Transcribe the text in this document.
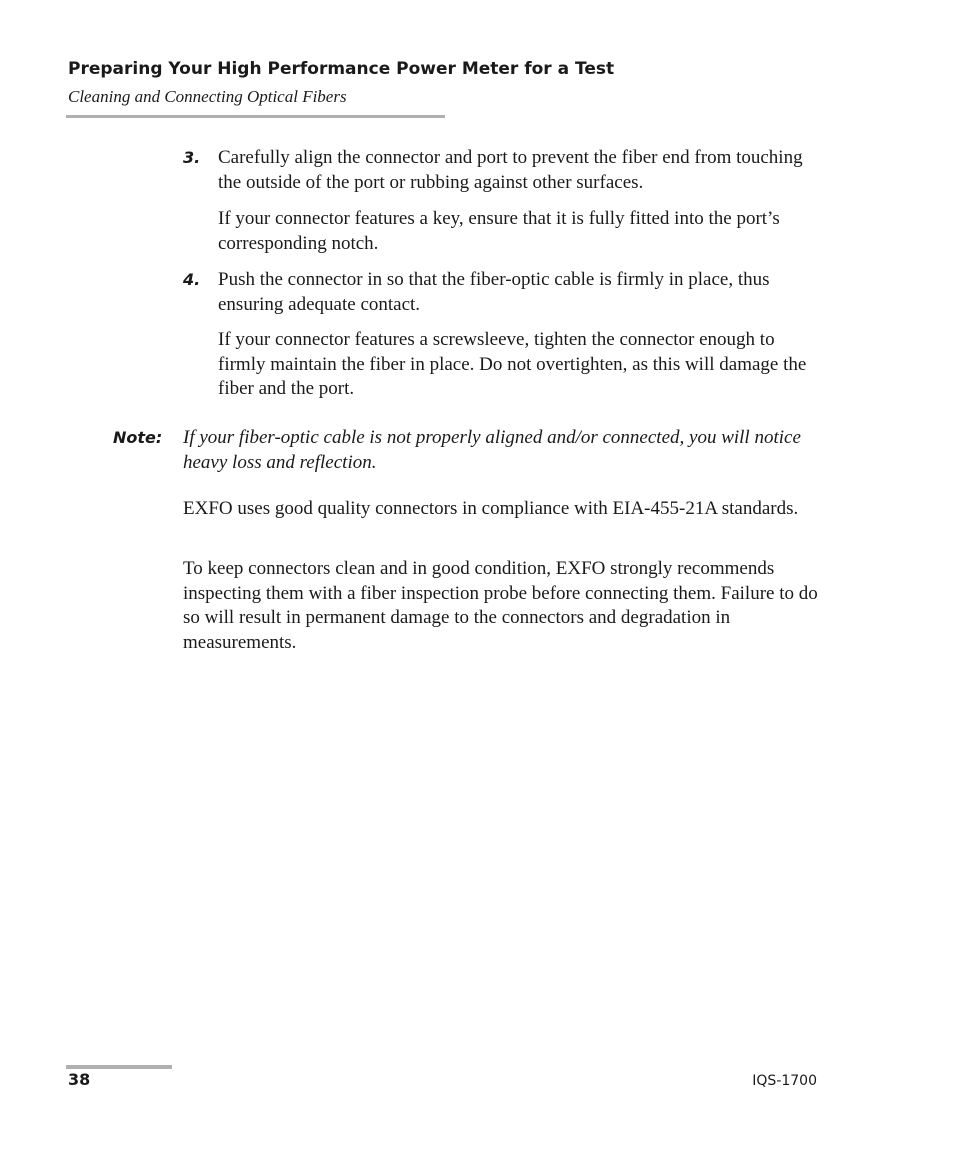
Preparing Your High Performance Power Meter for a Test
Cleaning and Connecting Optical Fibers
3. Carefully align the connector and port to prevent the fiber end from touching the outside of the port or rubbing against other surfaces.
If your connector features a key, ensure that it is fully fitted into the port’s corresponding notch.
4. Push the connector in so that the fiber-optic cable is firmly in place, thus ensuring adequate contact.
If your connector features a screwsleeve, tighten the connector enough to firmly maintain the fiber in place. Do not overtighten, as this will damage the fiber and the port.
Note: If your fiber-optic cable is not properly aligned and/or connected, you will notice heavy loss and reflection.
EXFO uses good quality connectors in compliance with EIA-455-21A standards.
To keep connectors clean and in good condition, EXFO strongly recommends inspecting them with a fiber inspection probe before connecting them. Failure to do so will result in permanent damage to the connectors and degradation in measurements.
38	IQS-1700
